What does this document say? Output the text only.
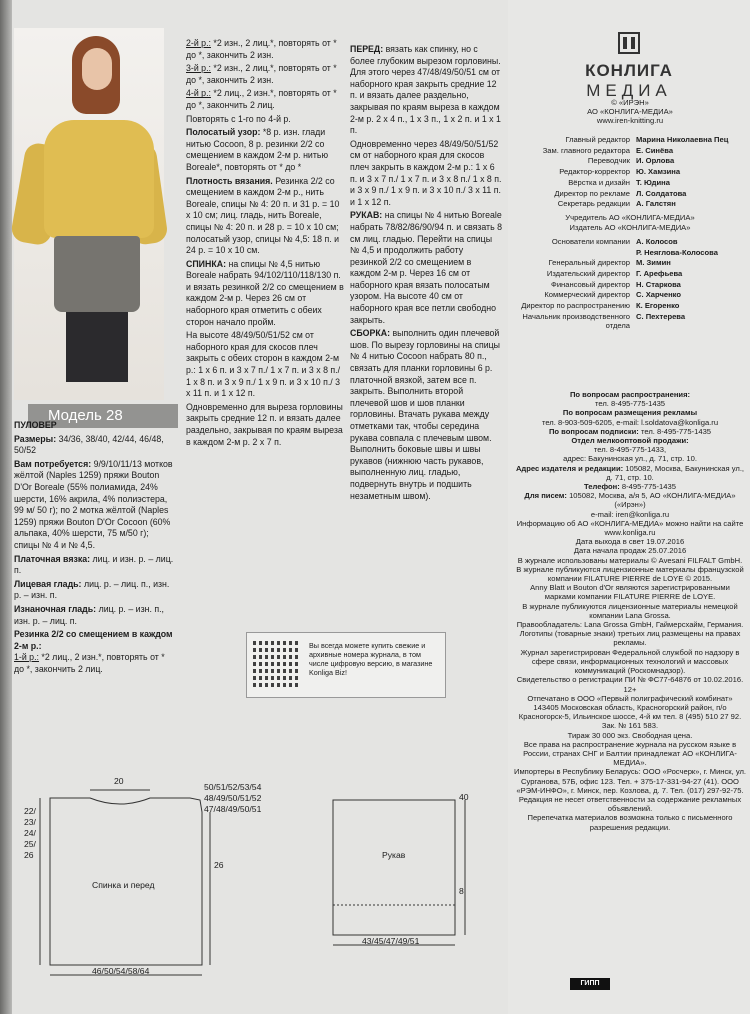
Модель 28

ПУЛОВЕР

Размеры: 34/36, 38/40, 42/44, 46/48, 50/52

Вам потребуется: 9/9/10/11/13 мотков жёлтой (Naples 1259) пряжи Bouton D'Or Boreale (55% полиамида, 24% шерсти, 16% акрила, 4% полиэстера, 99 м/ 50 г); по 2 мотка жёлтой (Naples 1259) пряжи Bouton D'Or Cocoon (60% альпака, 40% шерсти, 75 м/50 г); спицы № 4 и № 4,5.

Платочная вязка: лиц. и изн. р. – лиц. п.

Лицевая гладь: лиц. р. – лиц. п., изн. р. – изн. п.

Изнаночная гладь: лиц. р. – изн. п., изн. р. – лиц. п.

Резинка 2/2 со смещением в каждом 2-м р.:
1-й р.: *2 лиц., 2 изн.*, повторять от * до *, закончить 2 лиц.

2-й р.: *2 изн., 2 лиц.*, повторять от * до *, закончить 2 изн.

3-й р.: *2 изн., 2 лиц.*, повторять от * до *, закончить 2 изн.

4-й р.: *2 лиц., 2 изн.*, повторять от * до *, закончить 2 лиц.

Повторять с 1-го по 4-й р.

Полосатый узор: *8 р. изн. глади нитью Cocoon, 8 р. резинки 2/2 со смещением в каждом 2-м р. нитью Boreale*, повторять от * до *

Плотность вязания. Резинка 2/2 со смещением в каждом 2-м р., нить Boreale, спицы № 4: 20 п. и 31 р. = 10 х 10 см; лиц. гладь, нить Boreale, спицы № 4: 20 п. и 28 р. = 10 х 10 см; полосатый узор, спицы № 4,5: 18 п. и 24 р. = 10 х 10 см.

СПИНКА: на спицы № 4,5 нитью Boreale набрать 94/102/110/118/130 п. и вязать резинкой 2/2 со смещением в каждом 2-м р. Через 26 см от наборного края отметить с обеих сторон начало пройм.

На высоте 48/49/50/51/52 см от наборного края для скосов плеч закрыть с обеих сторон в каждом 2-м р.: 1 х 6 п. и 3 х 7 п./ 1 х 7 п. и 3 х 8 п./ 1 х 8 п. и 3 х 9 п./ 1 х 9 п. и 3 х 10 п./ 3 х 11 п. и 1 х 12 п.

Одновременно для выреза горловины закрыть средние 12 п. и вязать далее раздельно, закрывая по краям выреза в каждом 2-м р. 2 х 7 п.

ПЕРЕД: вязать как спинку, но с более глубоким вырезом горловины. Для этого через 47/48/49/50/51 см от наборного края закрыть средние 12 п. и вязать далее раздельно, закрывая по краям выреза в каждом 2-м р. 2 х 4 п., 1 х 3 п., 1 х 2 п. и 1 х 1 п.

Одновременно через 48/49/50/51/52 см от наборного края для скосов плеч закрыть в каждом 2-м р.: 1 х 6 п. и 3 х 7 п./ 1 х 7 п. и 3 х 8 п./ 1 х 8 п. и 3 х 9 п./ 1 х 9 п. и 3 х 10 п./ 3 х 11 п. и 1 х 12 п.

РУКАВ: на спицы № 4 нитью Boreale набрать 78/82/86/90/94 п. и связать 8 см лиц. гладью. Перейти на спицы № 4,5 и продолжить работу резинкой 2/2 со смещением в каждом 2-м р. Через 16 см от наборного края вязать полосатым узором. На высоте 40 см от наборного края все петли свободно закрыть.

СБОРКА: выполнить один плечевой шов. По вырезу горловины на спицы № 4 нитью Cocoon набрать 80 п., связать для планки горловины 6 р. платочной вязкой, затем все п. закрыть. Выполнить второй плечевой шов и шов планки горловины. Втачать рукава между отметками так, чтобы середина рукава совпала с плечевым швом. Выполнить боковые швы и швы рукавов (нижнюю часть рукавов, выполненную лиц. гладью, подвернуть внутрь и подшить незаметным швом).

Вы всегда можете купить свежие и архивные номера журнала, в том числе цифровую версию, в магазине Konliga Biz!
20
50/51/52/53/54
48/49/50/51/52
47/48/49/50/51
22/
23/
24/
25/
26
26
Спинка и перед
46/50/54/58/64
Рукав
40
8
43/45/47/49/51
КОНЛИГА
МЕДИА
© «ИРЭН»
АО «КОНЛИГА-МЕДИА»
www.iren-knitting.ru
Главный редактор Марина Николаевна Пец
Зам. главного редактора Е. Синёва
Переводчик И. Орлова
Редактор-корректор Ю. Хамзина
Вёрстка и дизайн Т. Юдина
Директор по рекламе Л. Солдатова
Секретарь редакции А. Галстян
Учредитель АО «КОНЛИГА-МЕДИА»
Издатель АО «КОНЛИГА-МЕДИА»
Основатели компании А. Колосов
Р. Неяглова-Колосова
Генеральный директор М. Зимин
Издательский директор Г. Арефьева
Финансовый директор Н. Старкова
Коммерческий директор С. Харченко
Директор по распространению К. Егоренко
Начальник производственного отдела
С. Пехтерева
По вопросам распространения:
тел. 8-495-775-1435
По вопросам размещения рекламы
тел. 8-903-509-6205, e-mail: l.soldatova@konliga.ru
По вопросам подписки: тел. 8-495-775-1435
Отдел мелкооптовой продажи:
тел. 8-495-775-1433,
адрес: Бакунинская ул., д. 71, стр. 10.
Адрес издателя и редакции: 105082, Москва, Бакунинская ул., д. 71, стр. 10.
Телефон: 8-495-775-1435
Для писем: 105082, Москва, а/я 5, АО «КОНЛИГА-МЕДИА» («Ирэн»)
e-mail: iren@konliga.ru
Информацию об АО «КОНЛИГА-МЕДИА» можно найти на сайте www.konliga.ru
Дата выхода в свет 19.07.2016
Дата начала продаж 25.07.2016
В журнале использованы материалы © Avesani FILFALT GmbH.
В журнале публикуются лицензионные материалы французской компании FILATURE PIERRE de LOYE © 2015.
Anny Blatt и Bouton d'Or являются зарегистрированными марками компании FILATURE PIERRE de LOYE.
В журнале публикуются лицензионные материалы немецкой компании Lana Grossa.
Правообладатель: Lana Grossa GmbH, Гаймерсхайм, Германия.
Логотипы (товарные знаки) третьих лиц размещены на правах рекламы.
Журнал зарегистрирован Федеральной службой по надзору в сфере связи, информационных технологий и массовых коммуникаций (Роскомнадзор).
Свидетельство о регистрации ПИ № ФС77-64876 от 10.02.2016. 12+
Отпечатано в ООО «Первый полиграфический комбинат» 143405 Московская область, Красногорский район, п/о Красногорск-5, Ильинское шоссе, 4-й км тел. 8 (495) 510 27 92. Зак. № 161 583.
Тираж 30 000 экз. Свободная цена.
Все права на распространение журнала на русском языке в России, странах СНГ и Балтии принадлежат АО «КОНЛИГА-МЕДИА».
Импортеры в Республику Беларусь: ООО «Росчерк», г. Минск, ул. Сурганова, 57Б, офис 123. Тел. + 375-17-331-94-27 (41). ООО «РЭМ-ИНФО», г. Минск, пер. Козлова, д. 7. Тел. (017) 297-92-75.
Редакция не несет ответственности за содержание рекламных объявлений.
Перепечатка материалов возможна только с письменного разрешения редакции.
ГИПП
